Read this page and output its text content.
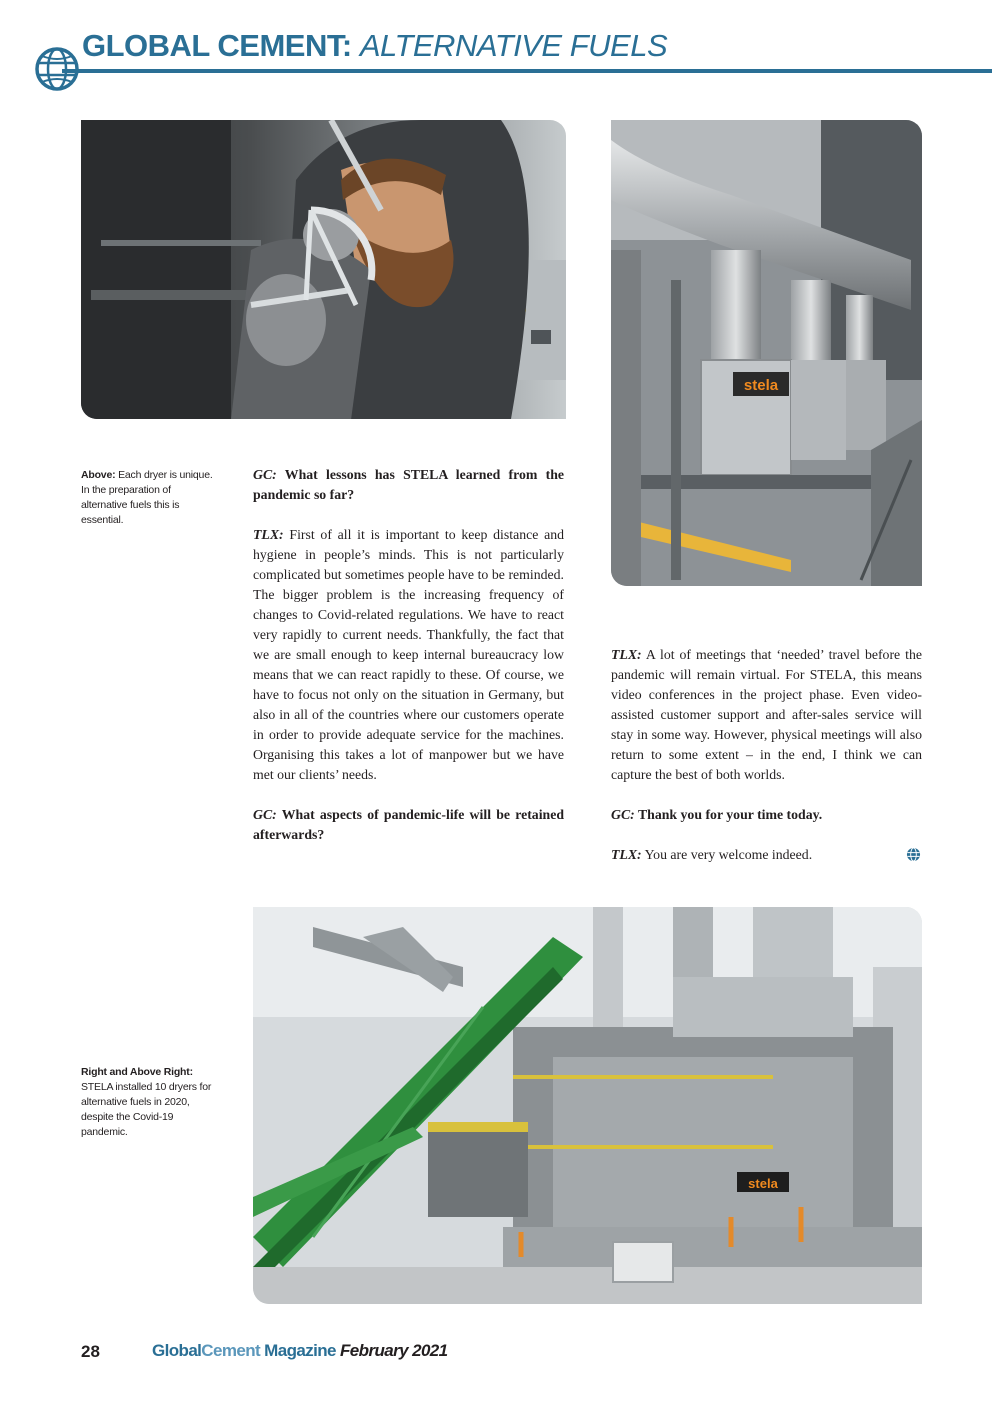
GLOBAL CEMENT: ALTERNATIVE FUELS
stela
Above: Each dryer is unique. In the preparation of alternative fuels this is essential.
Right and Above Right:
STELA installed 10 dryers for alternative fuels in 2020, despite the Covid-19 pandemic.

GC: What lessons has STELA learned from the pandemic so far?

TLX: First of all it is important to keep distance and hygiene in people’s minds. This is not particularly complicated but sometimes people have to be reminded. The bigger problem is the increasing frequency of changes to Covid-related regulations. We have to react very rapidly to current needs. Thankfully, the fact that we are small enough to keep internal bureaucracy low means that we can react rapidly to these. Of course, we have to focus not only on the situation in Germany, but also in all of the countries where our customers operate in order to provide adequate service for the machines. Organising this takes a lot of manpower but we have met our clients’ needs.

GC: What aspects of pandemic-life will be retained afterwards?

TLX: A lot of meetings that ‘needed’ travel before the pandemic will remain virtual. For STELA, this means video conferences in the project phase. Even video-assisted customer support and after-sales service will stay in some way. However, physical meetings will also return to some extent – in the end, I think we can capture the best of both worlds.

GC: Thank you for your time today.

TLX: You are very welcome indeed.

stela
28	GlobalCement Magazine February 2021
